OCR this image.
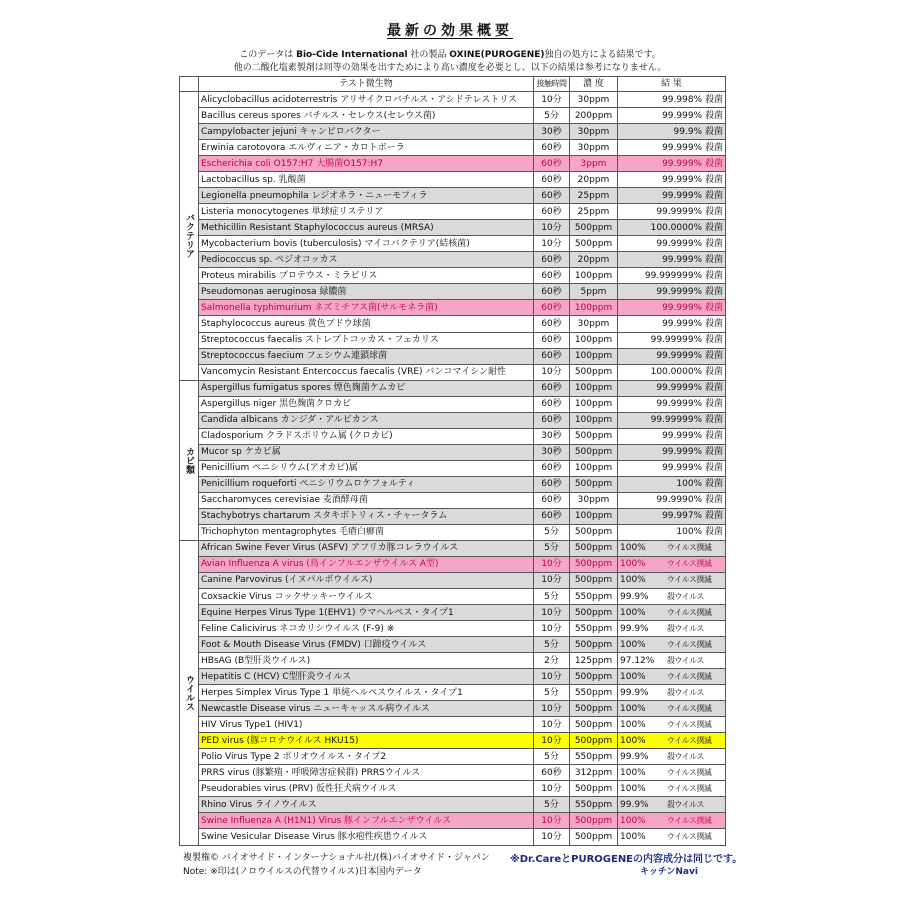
最新の効果概要
このデータは Bio-Cide International 社の製品 OXINE(PUROGENE)独自の処方による結果です。
他の二酸化塩素製剤は同等の効果を出すためにより高い濃度を必要とし、以下の結果は参考になりません。
	テスト微生物	接触時間	濃 度	結 果
バクテリア	Alicyclobacillus acidoterrestris アリサイクロバチルス・アシドテレストリス	10分	30ppm	99.998% 殺菌
	Bacillus cereus spores バチルス・セレウス(セレウス菌)	5分	200ppm	99.999% 殺菌
	Campylobacter jejuni キャンピロバクター	30秒	30ppm	99.9% 殺菌
	Erwinia carotovora エルヴィニア・カロトボーラ	60秒	30ppm	99.999% 殺菌
	Escherichia coli O157:H7 大腸菌O157:H7	60秒	3ppm	99.999% 殺菌
	Lactobacillus sp. 乳酸菌	60秒	20ppm	99.999% 殺菌
	Legionella pneumophila レジオネラ・ニューモフィラ	60秒	25ppm	99.999% 殺菌
	Listeria monocytogenes 単球症リステリア	60秒	25ppm	99.9999% 殺菌
	Methicillin Resistant Staphylococcus aureus (MRSA)	10分	500ppm	100.0000% 殺菌
	Mycobacterium bovis (tuberculosis) マイコバクテリア(結核菌)	10分	500ppm	99.9999% 殺菌
	Pediococcus sp. ペジオコッカス	60秒	20ppm	99.999% 殺菌
	Proteus mirabilis プロテウス・ミラビリス	60秒	100ppm	99.999999% 殺菌
	Pseudomonas aeruginosa 緑膿菌	60秒	5ppm	99.9999% 殺菌
	Salmonella typhimurium ネズミチフス菌(サルモネラ菌)	60秒	100ppm	99.999% 殺菌
	Staphylococcus aureus 黄色ブドウ球菌	60秒	30ppm	99.999% 殺菌
	Streptococcus faecalis ストレプトコッカス・フェカリス	60秒	100ppm	99.99999% 殺菌
	Streptococcus faecium フェシウム連鎖球菌	60秒	100ppm	99.9999% 殺菌
	Vancomycin Resistant Entercoccus faecalis (VRE) バンコマイシン耐性	10分	500ppm	100.0000% 殺菌
カビ類	Aspergillus fumigatus spores 煙色麹菌ケムカビ	60秒	100ppm	99.9999% 殺菌
	Aspergillus niger 黒色麹菌クロカビ	60秒	100ppm	99.9999% 殺菌
	Candida albicans カンジダ・アルビカンス	60秒	100ppm	99.99999% 殺菌
	Cladosporium クラドスポリウム属 (クロカビ)	30秒	500ppm	99.999% 殺菌
	Mucor sp ケカビ属	30秒	500ppm	99.999% 殺菌
	Penicillium ペニシリウム(アオカビ)属	60秒	100ppm	99.999% 殺菌
	Penicillium roqueforti ペニシリウムロケフォルティ	60秒	500ppm	100% 殺菌
	Saccharomyces cerevisiae 麦酒酵母菌	60秒	30ppm	99.9990% 殺菌
	Stachybotrys chartarum スタキボトリィス・チャータラム	60秒	100ppm	99.997% 殺菌
	Trichophyton mentagrophytes 毛瘡白癬菌	5分	500ppm	100% 殺菌
ウイルス	African Swine Fever Virus (ASFV) アフリカ豚コレラウイルス	5分	500ppm	100% ウイルス撲滅
	Avian Influenza A virus (鳥インフルエンザウイルス A型)	10分	500ppm	100% ウイルス撲滅
	Canine Parvovirus (イヌパルボウイルス)	10分	500ppm	100% ウイルス撲滅
	Coxsackie Virus コックサッキーウイルス	5分	550ppm	99.9% 殺ウイルス
	Equine Herpes Virus Type 1(EHV1) ウマヘルペス・タイプ1	10分	500ppm	100% ウイルス撲滅
	Feline Calicivirus ネコカリシウイルス (F-9) ※	10分	550ppm	99.9% 殺ウイルス
	Foot & Mouth Disease Virus (FMDV) 口蹄疫ウイルス	5分	500ppm	100% ウイルス撲滅
	HBsAG (B型肝炎ウイルス)	2分	125ppm	97.12% 殺ウイルス
	Hepatitis C (HCV) C型肝炎ウイルス	10分	500ppm	100% ウイルス撲滅
	Herpes Simplex Virus Type 1 単純ヘルペスウイルス・タイプ1	5分	550ppm	99.9% 殺ウイルス
	Newcastle Disease virus ニューキャッスル病ウイルス	10分	500ppm	100% ウイルス撲滅
	HIV Virus Type1 (HIV1)	10分	500ppm	100% ウイルス撲滅
	PED virus (豚コロナウイルス HKU15)	10分	500ppm	100% ウイルス撲滅
	Polio Virus Type 2 ポリオウイルス・タイプ2	5分	550ppm	99.9% 殺ウイルス
	PRRS virus (豚繁殖・呼吸障害症候群) PRRSウイルス	60秒	312ppm	100% ウイルス撲滅
	Pseudorabies virus (PRV) 仮性狂犬病ウイルス	10分	500ppm	100% ウイルス撲滅
	Rhino Virus ライノウイルス	5分	550ppm	99.9% 殺ウイルス
	Swine Influenza A (H1N1) Virus 豚インフルエンザウイルス	10分	500ppm	100% ウイルス撲滅
	Swine Vesicular Disease Virus 豚水疱性疾患ウイルス	10分	500ppm	100% ウイルス撲滅
複製権© バイオサイド・インターナショナル社/(株)バイオサイド・ジャパン
Note: ※印は(ノロウイルスの代替ウイルス)日本国内データ
※Dr.CareとPUROGENEの内容成分は同じです。
キッチンNavi
